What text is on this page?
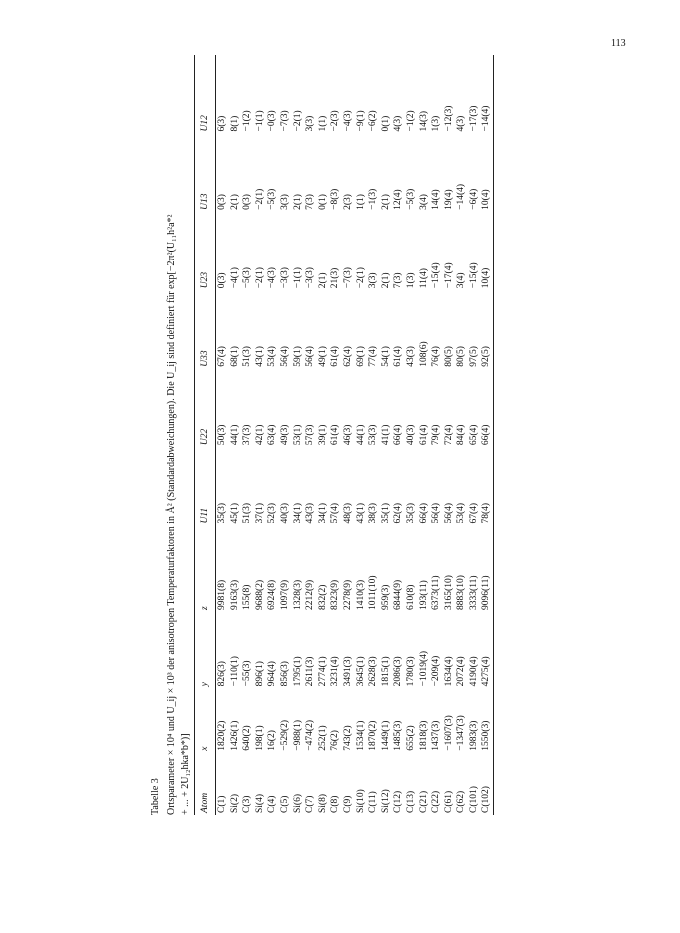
113
Tabelle 3 Ortsparameter × 10⁴ und U_ij × 10³ der anisotropen Temperaturfaktoren in Å² (Standardabweichungen). Die U_ij sind definiert für exp[−2π²(U₁₁h²a*² + ... + 2U₁₂hka*b*)] Atom	x	y	z	U11	U22	U33	U23	U13	U12
C(1)	1820(2)	826(3)	9981(8)	35(3)	50(3)	67(4)	0(3)	0(3)	6(3)
Si(2)	1426(1)	−110(1)	9163(3)	45(1)	44(1)	68(1)	−4(1)	2(1)	8(1)
C(3)	640(2)	−55(3)	155(8)	51(3)	37(3)	51(3)	−5(3)	0(3)	−1(2)
Si(4)	198(1)	896(1)	9688(2)	37(1)	42(1)	43(1)	−2(1)	−2(1)	−1(1)
C(4)	16(2)	964(4)	6924(8)	52(3)	63(4)	53(4)	−4(3)	−5(3)	−0(3)
C(5)	−529(2)	856(3)	1097(9)	40(3)	49(3)	56(4)	−3(3)	3(3)	−7(3)
Si(6)	−988(1)	1795(1)	1328(3)	34(1)	53(1)	59(1)	−1(1)	2(1)	−2(1)
C(7)	−474(2)	2611(3)	2212(9)	43(3)	57(3)	56(4)	−3(3)	7(3)	3(3)
Si(8)	252(1)	2774(1)	832(2)	34(1)	39(1)	49(1)	2(1)	0(1)	1(1)
C(8)	76(2)	3231(4)	8323(9)	57(4)	61(4)	61(4)	21(3)	−8(3)	−2(3)
C(9)	743(2)	3491(3)	2278(9)	48(3)	46(3)	62(4)	−7(3)	2(3)	−4(3)
Si(10)	1534(1)	3645(1)	1410(3)	43(1)	44(1)	69(1)	−2(1)	1(1)	−9(1)
C(11)	1870(2)	2628(3)	1011(10)	38(3)	53(3)	77(4)	3(3)	−1(3)	−6(2)
Si(12)	1449(1)	1815(1)	959(3)	35(1)	41(1)	54(1)	2(1)	2(1)	0(1)
C(12)	1485(3)	2086(3)	6844(9)	62(4)	66(4)	61(4)	7(3)	12(4)	4(3)
C(13)	655(2)	1780(3)	610(8)	35(3)	40(3)	43(3)	1(3)	−5(3)	−1(2)
C(21)	1818(3)	−1019(4)	193(11)	66(4)	61(4)	108(6)	11(4)	3(4)	14(3)
C(22)	1437(3)	−209(4)	6373(11)	56(4)	79(4)	76(4)	−15(4)	14(4)	1(3)
C(61)	−1607(3)	1634(4)	3165(10)	56(4)	72(4)	80(5)	−17(4)	19(4)	−12(3)
C(62)	−1347(3)	2072(4)	8883(10)	53(4)	84(4)	80(5)	3(4)	−14(4)	4(3)
C(101)	1983(3)	4190(4)	3333(11)	67(4)	65(4)	97(5)	−15(4)	−6(4)	−17(3)
C(102)	1550(3)	4275(4)	9096(11)	78(4)	66(4)	92(5)	10(4)	10(4)	−14(4)
